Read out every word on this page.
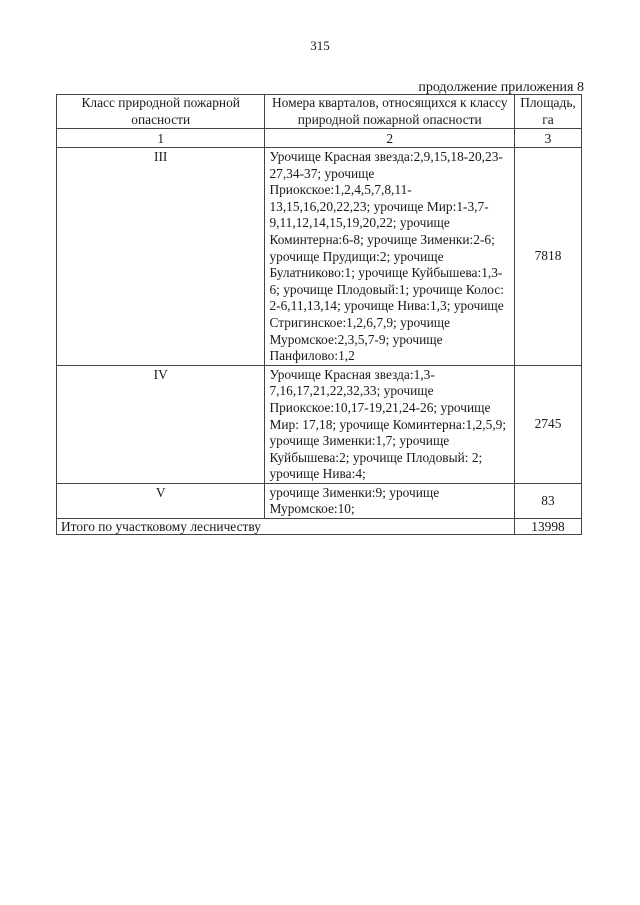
315
продолжение приложения 8
Класс природной пожарной опасности	Номера кварталов, относящихся к классу природной пожарной опасности	Площадь, га
1	2	3
III	Урочище Красная звезда:2,9,15,18-20,23-27,34-37; урочище Приокское:1,2,4,5,7,8,11-13,15,16,20,22,23; урочище Мир:1-3,7-9,11,12,14,15,19,20,22; урочище Коминтерна:6-8; урочище Зименки:2-6; урочище Прудищи:2; урочище Булатниково:1; урочище Куйбышева:1,3-6; урочище Плодовый:1; урочище Колос: 2-6,11,13,14; урочище Нива:1,3; урочище Стригинское:1,2,6,7,9; урочище Муромское:2,3,5,7-9; урочище Панфилово:1,2	7818
IV	Урочище Красная звезда:1,3-7,16,17,21,22,32,33; урочище Приокское:10,17-19,21,24-26; урочище Мир: 17,18; урочище Коминтерна:1,2,5,9; урочище Зименки:1,7; урочище Куйбышева:2; урочище Плодовый: 2; урочище Нива:4;	2745
V	урочище Зименки:9; урочище Муромское:10;	83
Итого по участковому лесничеству		13998
